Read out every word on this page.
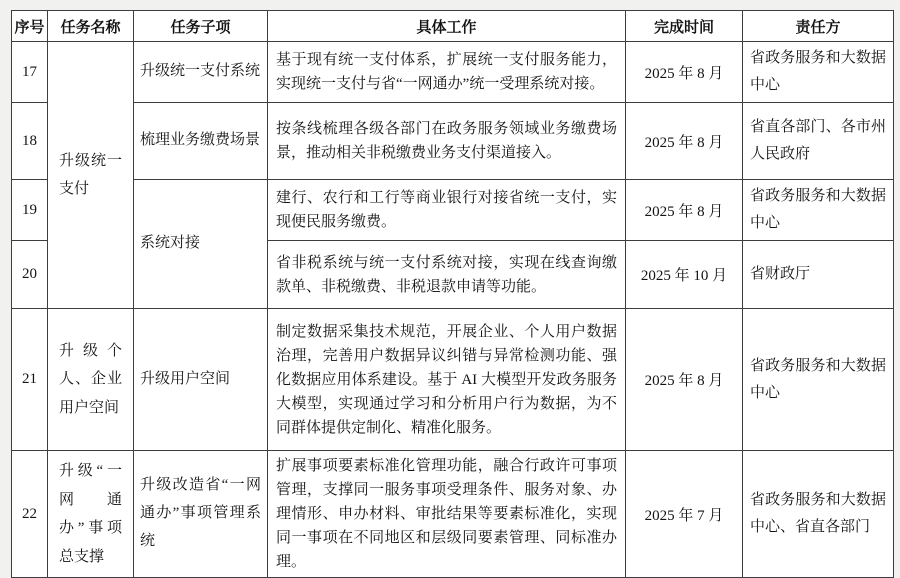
序号	任务名称	任务子项	具体工作	完成时间	责任方
17	升级统一支付	升级统一支付系统	基于现有统一支付体系，扩展统一支付服务能力，实现统一支付与省“一网通办”统一受理系统对接。	2025 年 8 月	省政务服务和大数据中心
18		梳理业务缴费场景	按条线梳理各级各部门在政务服务领域业务缴费场景，推动相关非税缴费业务支付渠道接入。	2025 年 8 月	省直各部门、各市州人民政府
19		系统对接	建行、农行和工行等商业银行对接省统一支付，实现便民服务缴费。	2025 年 8 月	省政务服务和大数据中心
20			省非税系统与统一支付系统对接，实现在线查询缴款单、非税缴费、非税退款申请等功能。	2025 年 10 月	省财政厅
21	升级个人、企业用户空间	升级用户空间	制定数据采集技术规范，开展企业、个人用户数据治理，完善用户数据异议纠错与异常检测功能、强化数据应用体系建设。基于 AI 大模型开发政务服务大模型，实现通过学习和分析用户行为数据，为不同群体提供定制化、精准化服务。	2025 年 8 月	省政务服务和大数据中心
22	升级“一网通办”事项总支撑	升级改造省“一网通办”事项管理系统	扩展事项要素标准化管理功能，融合行政许可事项管理，支撑同一服务事项受理条件、服务对象、办理情形、申办材料、审批结果等要素标准化，实现同一事项在不同地区和层级同要素管理、同标准办理。	2025 年 7 月	省政务服务和大数据中心、省直各部门
